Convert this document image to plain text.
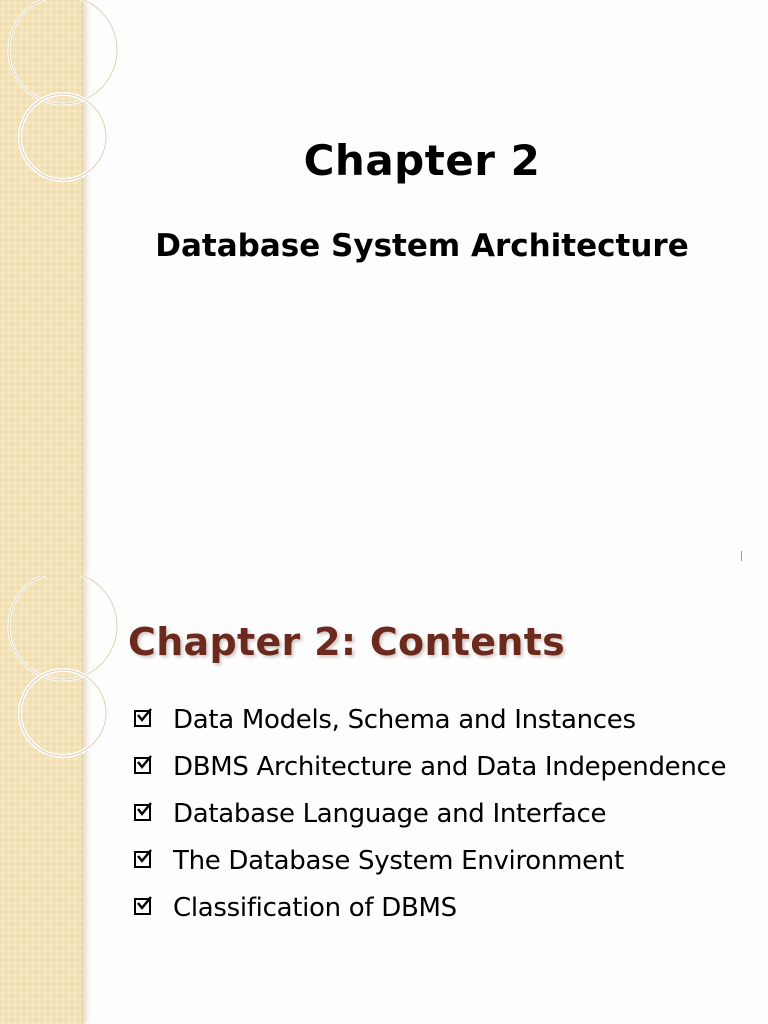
Chapter 2
Database System Architecture
Chapter 2: Contents
Data Models, Schema and Instances
DBMS Architecture and Data Independence
Database Language and Interface
The Database System Environment
Classification of DBMS
